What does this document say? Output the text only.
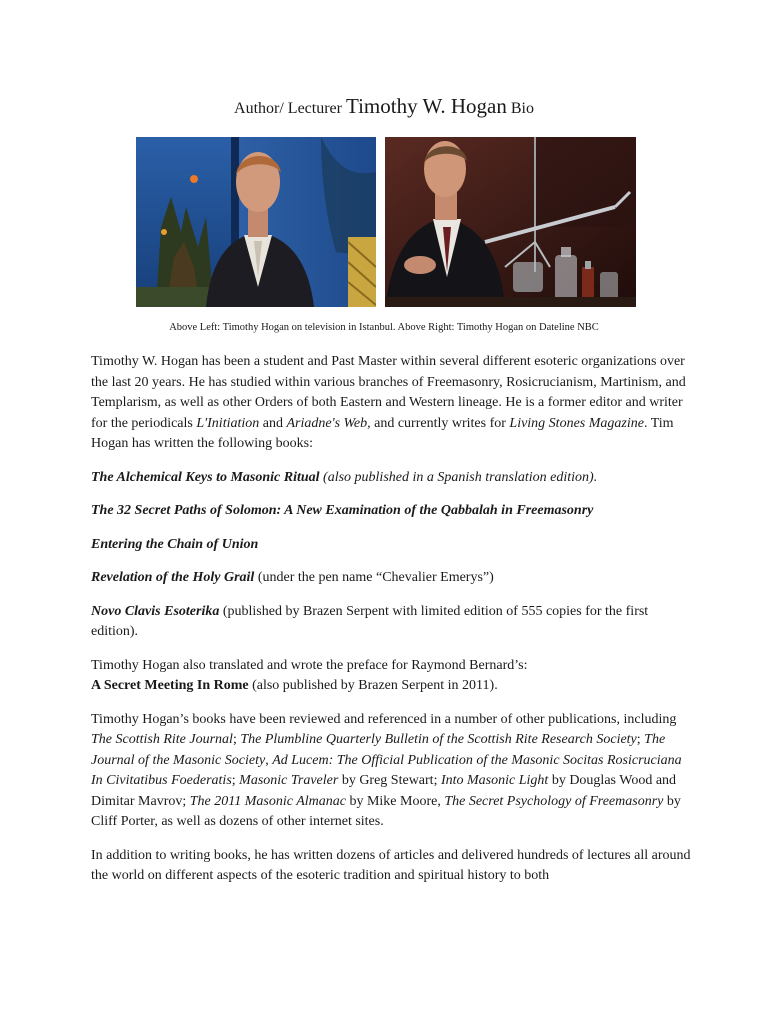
Author/ Lecturer Timothy W. Hogan Bio
Above Left: Timothy Hogan on television in Istanbul. Above Right: Timothy Hogan on Dateline NBC

Timothy W. Hogan has been a student and Past Master within several different esoteric organizations over the last 20 years. He has studied within various branches of Freemasonry, Rosicrucianism, Martinism, and Templarism, as well as other Orders of both Eastern and Western lineage. He is a former editor and writer for the periodicals L'Initiation and Ariadne's Web, and currently writes for Living Stones Magazine. Tim Hogan has written the following books:

The Alchemical Keys to Masonic Ritual (also published in a Spanish translation edition).

The 32 Secret Paths of Solomon: A New Examination of the Qabbalah in Freemasonry

Entering the Chain of Union

Revelation of the Holy Grail (under the pen name “Chevalier Emerys”)

Novo Clavis Esoterika (published by Brazen Serpent with limited edition of 555 copies for the first edition).

Timothy Hogan also translated and wrote the preface for Raymond Bernard’s:
A Secret Meeting In Rome (also published by Brazen Serpent in 2011).

Timothy Hogan’s books have been reviewed and referenced in a number of other publications, including The Scottish Rite Journal; The Plumbline Quarterly Bulletin of the Scottish Rite Research Society; The Journal of the Masonic Society, Ad Lucem: The Official Publication of the Masonic Socitas Rosicruciana In Civitatibus Foederatis; Masonic Traveler by Greg Stewart; Into Masonic Light by Douglas Wood and Dimitar Mavrov; The 2011 Masonic Almanac by Mike Moore, The Secret Psychology of Freemasonry by Cliff Porter, as well as dozens of other internet sites.

In addition to writing books, he has written dozens of articles and delivered hundreds of lectures all around the world on different aspects of the esoteric tradition and spiritual history to both
